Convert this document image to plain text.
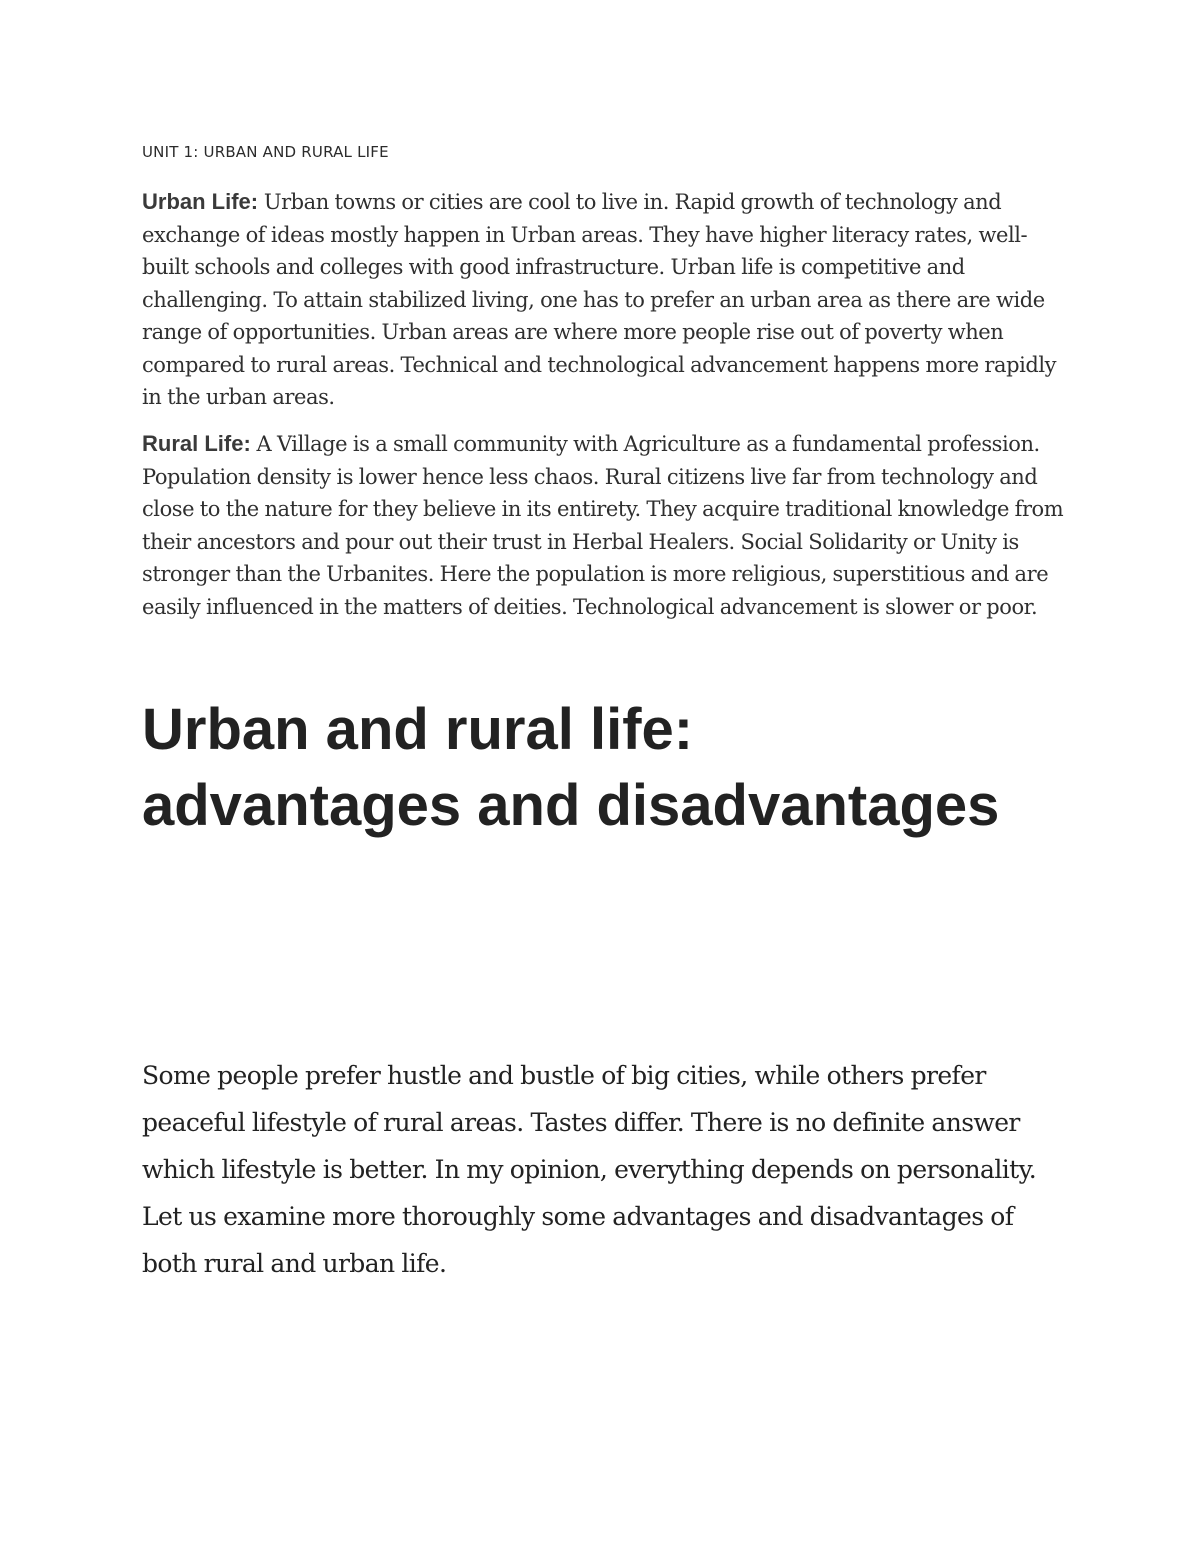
UNIT 1: URBAN AND RURAL LIFE

Urban Life: Urban towns or cities are cool to live in. Rapid growth of technology and exchange of ideas mostly happen in Urban areas. They have higher literacy rates, well-built schools and colleges with good infrastructure. Urban life is competitive and challenging. To attain stabilized living, one has to prefer an urban area as there are wide range of opportunities. Urban areas are where more people rise out of poverty when compared to rural areas. Technical and technological advancement happens more rapidly in the urban areas.

Rural Life: A Village is a small community with Agriculture as a fundamental profession. Population density is lower hence less chaos. Rural citizens live far from technology and close to the nature for they believe in its entirety. They acquire traditional knowledge from their ancestors and pour out their trust in Herbal Healers. Social Solidarity or Unity is stronger than the Urbanites. Here the population is more religious, superstitious and are easily influenced in the matters of deities. Technological advancement is slower or poor.

Urban and rural life:
advantages and disadvantages

Some people prefer hustle and bustle of big cities, while others prefer peaceful lifestyle of rural areas. Tastes differ. There is no definite answer which lifestyle is better. In my opinion, everything depends on personality. Let us examine more thoroughly some advantages and disadvantages of both rural and urban life.
